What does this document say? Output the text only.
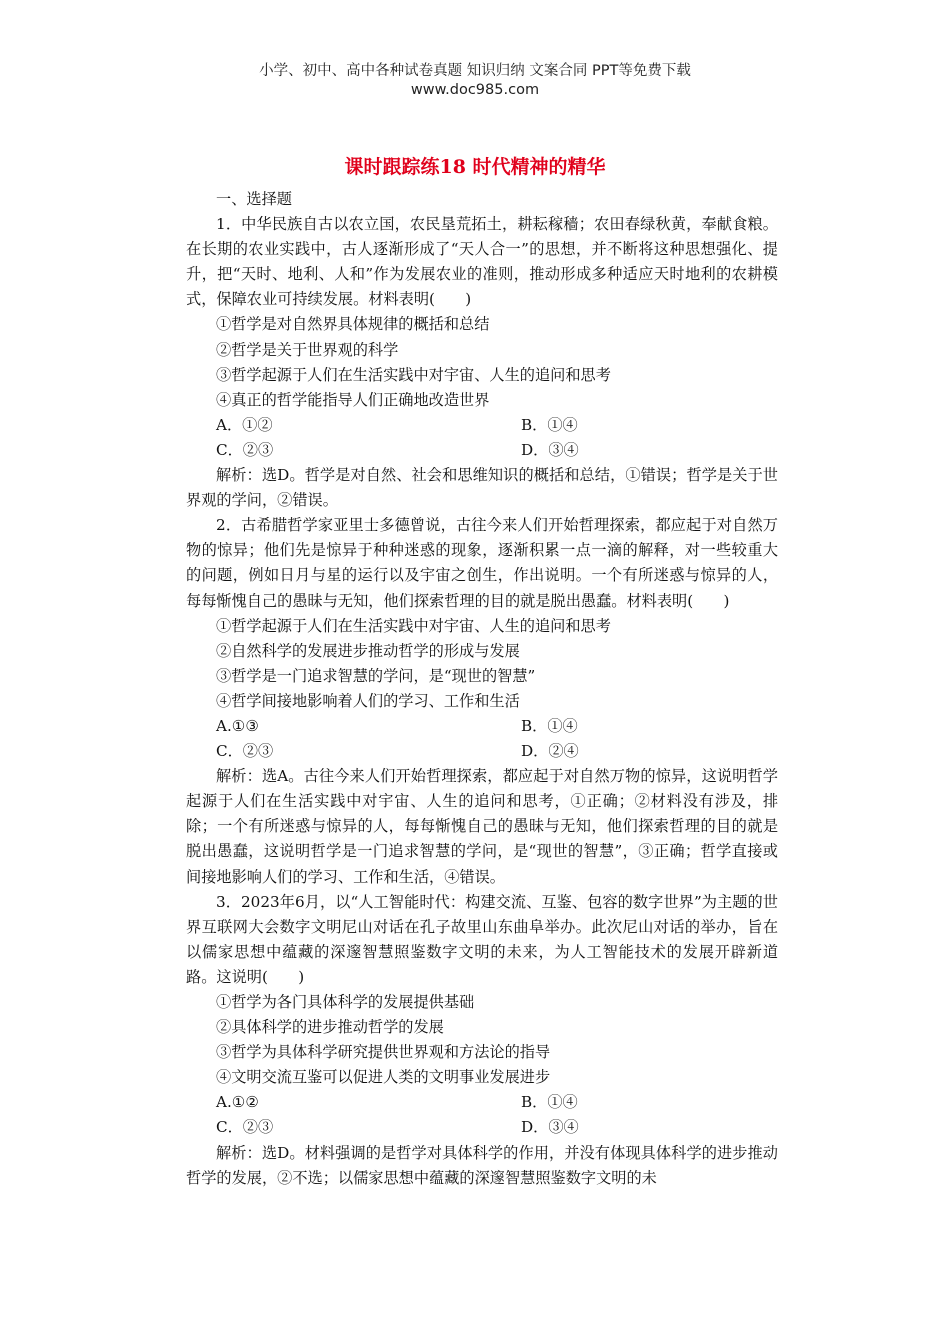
小学、初中、高中各种试卷真题 知识归纳 文案合同 PPT等免费下载
www.doc985.com
课时跟踪练18 时代精神的精华
一、选择题
1．中华民族自古以农立国，农民垦荒拓土，耕耘稼穑；农田春绿秋黄，奉献食粮。在长期的农业实践中，古人逐渐形成了“天人合一”的思想，并不断将这种思想强化、提升，把“天时、地利、人和”作为发展农业的准则，推动形成多种适应天时地利的农耕模式，保障农业可持续发展。材料表明(　　)
①哲学是对自然界具体规律的概括和总结
②哲学是关于世界观的科学
③哲学起源于人们在生活实践中对宇宙、人生的追问和思考
④真正的哲学能指导人们正确地改造世界
A．①②	B．①④
C．②③	D．③④
解析：选D。哲学是对自然、社会和思维知识的概括和总结，①错误；哲学是关于世界观的学问，②错误。
2．古希腊哲学家亚里士多德曾说，古往今来人们开始哲理探索，都应起于对自然万物的惊异；他们先是惊异于种种迷惑的现象，逐渐积累一点一滴的解释，对一些较重大的问题，例如日月与星的运行以及宇宙之创生，作出说明。一个有所迷惑与惊异的人，每每惭愧自己的愚昧与无知，他们探索哲理的目的就是脱出愚蠢。材料表明(　　)
①哲学起源于人们在生活实践中对宇宙、人生的追问和思考
②自然科学的发展进步推动哲学的形成与发展
③哲学是一门追求智慧的学问，是“现世的智慧”
④哲学间接地影响着人们的学习、工作和生活
A.①③	B．①④
C．②③	D．②④
解析：选A。古往今来人们开始哲理探索，都应起于对自然万物的惊异，这说明哲学起源于人们在生活实践中对宇宙、人生的追问和思考，①正确；②材料没有涉及，排除；一个有所迷惑与惊异的人，每每惭愧自己的愚昧与无知，他们探索哲理的目的就是脱出愚蠢，这说明哲学是一门追求智慧的学问，是“现世的智慧”，③正确；哲学直接或间接地影响人们的学习、工作和生活，④错误。
3．2023年6月，以“人工智能时代：构建交流、互鉴、包容的数字世界”为主题的世界互联网大会数字文明尼山对话在孔子故里山东曲阜举办。此次尼山对话的举办，旨在以儒家思想中蕴藏的深邃智慧照鉴数字文明的未来，为人工智能技术的发展开辟新道路。这说明(　　)
①哲学为各门具体科学的发展提供基础
②具体科学的进步推动哲学的发展
③哲学为具体科学研究提供世界观和方法论的指导
④文明交流互鉴可以促进人类的文明事业发展进步
A.①②	B．①④
C．②③	D．③④
解析：选D。材料强调的是哲学对具体科学的作用，并没有体现具体科学的进步推动哲学的发展，②不选；以儒家思想中蕴藏的深邃智慧照鉴数字文明的未
